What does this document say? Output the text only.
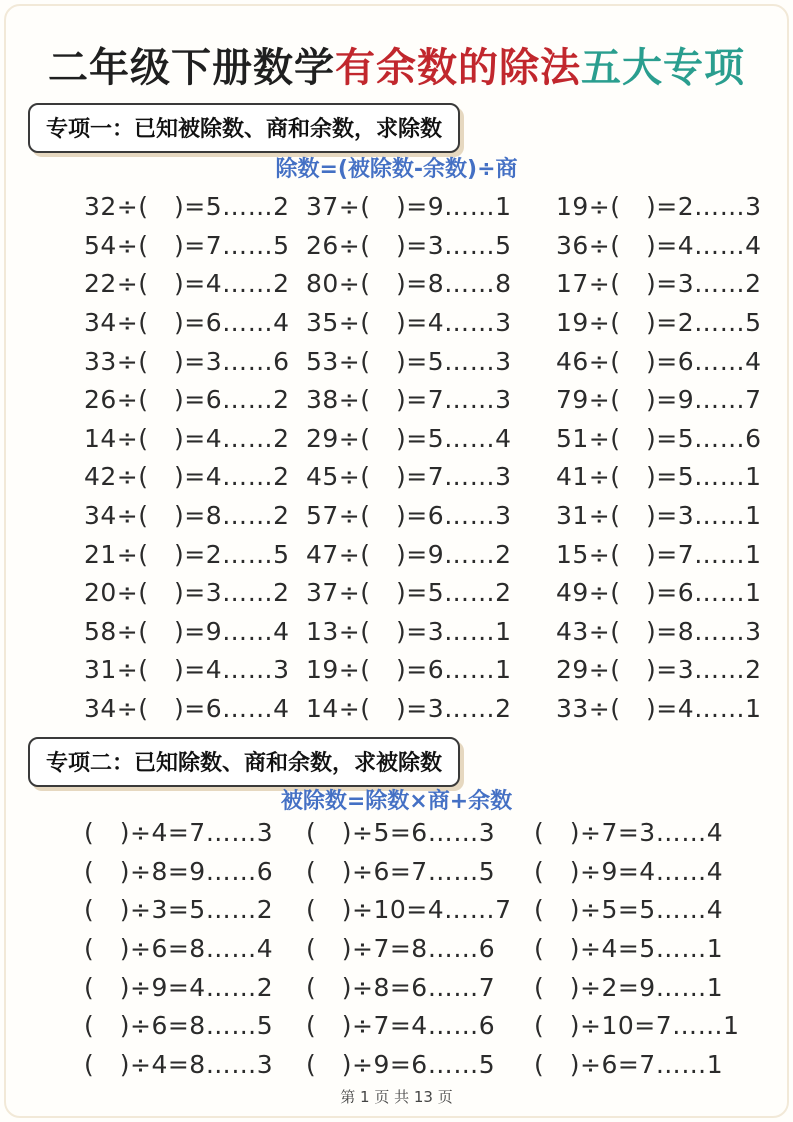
二年级下册数学有余数的除法五大专项
专项一：已知被除数、商和余数，求除数
除数=(被除数-余数)÷商
32÷(　)=5……2 37÷(　)=9……1	19÷(　)=2……3
54÷(　)=7……5 26÷(　)=3……5	36÷(　)=4……4
22÷(　)=4……2 80÷(　)=8……8	17÷(　)=3……2
34÷(　)=6……4 35÷(　)=4……3	19÷(　)=2……5
33÷(　)=3……6 53÷(　)=5……3	46÷(　)=6……4
26÷(　)=6……2 38÷(　)=7……3	79÷(　)=9……7
14÷(　)=4……2 29÷(　)=5……4	51÷(　)=5……6
42÷(　)=4……2 45÷(　)=7……3	41÷(　)=5……1
34÷(　)=8……2 57÷(　)=6……3	31÷(　)=3……1
21÷(　)=2……5 47÷(　)=9……2	15÷(　)=7……1
20÷(　)=3……2 37÷(　)=5……2	49÷(　)=6……1
58÷(　)=9……4 13÷(　)=3……1	43÷(　)=8……3
31÷(　)=4……3 19÷(　)=6……1	29÷(　)=3……2
34÷(　)=6……4 14÷(　)=3……2	33÷(　)=4……1
专项二：已知除数、商和余数，求被除数
被除数=除数×商+余数
(　)÷4=7……3	(　)÷5=6……3	(　)÷7=3……4
(　)÷8=9……6	(　)÷6=7……5	(　)÷9=4……4
(　)÷3=5……2	(　)÷10=4……7 (　)÷5=5……4
(　)÷6=8……4	(　)÷7=8……6	(　)÷4=5……1
(　)÷9=4……2	(　)÷8=6……7	(　)÷2=9……1
(　)÷6=8……5	(　)÷7=4……6	(　)÷10=7……1
(　)÷4=8……3	(　)÷9=6……5	(　)÷6=7……1
第 1 页 共 13 页
